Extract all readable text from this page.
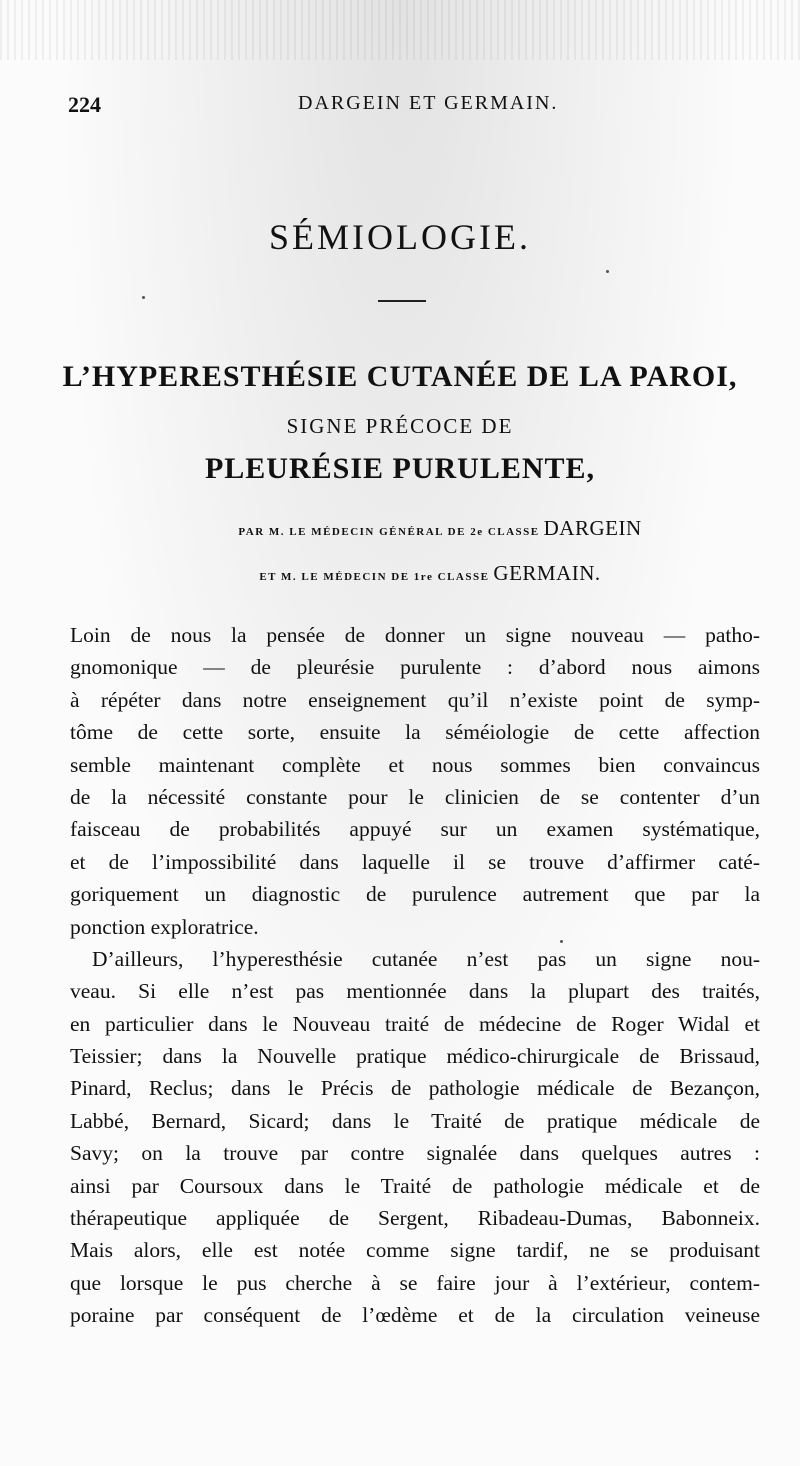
224	DARGEIN ET GERMAIN.
SÉMIOLOGIE.
L’HYPERESTHÉSIE CUTANÉE DE LA PAROI,
SIGNE PRÉCOCE DE
PLEURÉSIE PURULENTE,
PAR M. LE MÉDECIN GÉNÉRAL DE 2e CLASSE DARGEIN
ET M. LE MÉDECIN DE 1re CLASSE GERMAIN.
Loin de nous la pensée de donner un signe nouveau — patho-
gnomonique — de pleurésie purulente : d’abord nous aimons
à répéter dans notre enseignement qu’il n’existe point de symp-
tôme de cette sorte, ensuite la séméiologie de cette affection
semble maintenant complète et nous sommes bien convaincus
de la nécessité constante pour le clinicien de se contenter d’un
faisceau de probabilités appuyé sur un examen systématique,
et de l’impossibilité dans laquelle il se trouve d’affirmer caté-
goriquement un diagnostic de purulence autrement que par la
ponction exploratrice.
D’ailleurs, l’hyperesthésie cutanée n’est pas un signe nou-
veau. Si elle n’est pas mentionnée dans la plupart des traités,
en particulier dans le Nouveau traité de médecine de Roger Widal et
Teissier; dans la Nouvelle pratique médico-chirurgicale de Brissaud,
Pinard, Reclus; dans le Précis de pathologie médicale de Bezançon,
Labbé, Bernard, Sicard; dans le Traité de pratique médicale de
Savy; on la trouve par contre signalée dans quelques autres :
ainsi par Coursoux dans le Traité de pathologie médicale et de
thérapeutique appliquée de Sergent, Ribadeau-Dumas, Babonneix.
Mais alors, elle est notée comme signe tardif, ne se produisant
que lorsque le pus cherche à se faire jour à l’extérieur, contem-
poraine par conséquent de l’œdème et de la circulation veineuse
